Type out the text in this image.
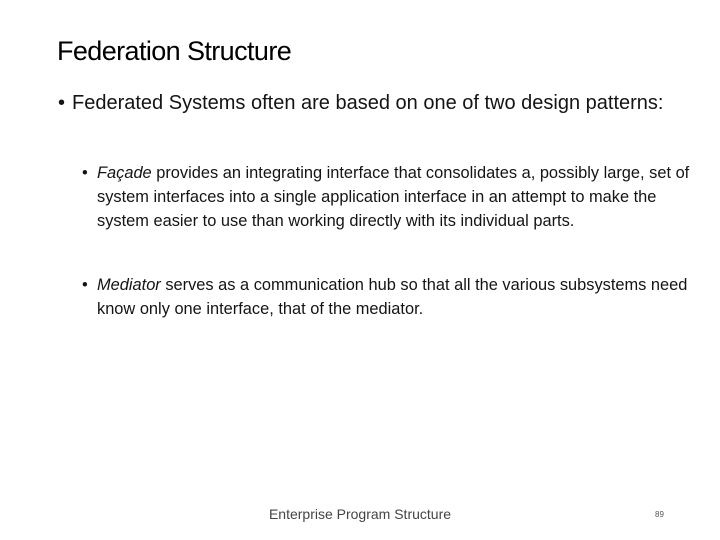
Federation Structure
• Federated Systems often are based on one of two design patterns:
• Façade provides an integrating interface that consolidates a, possibly large, set of system interfaces into a single application interface in an attempt to make the system easier to use than working directly with its individual parts.
• Mediator serves as a communication hub so that all the various subsystems need know only one interface, that of the mediator.
Enterprise Program Structure	89
